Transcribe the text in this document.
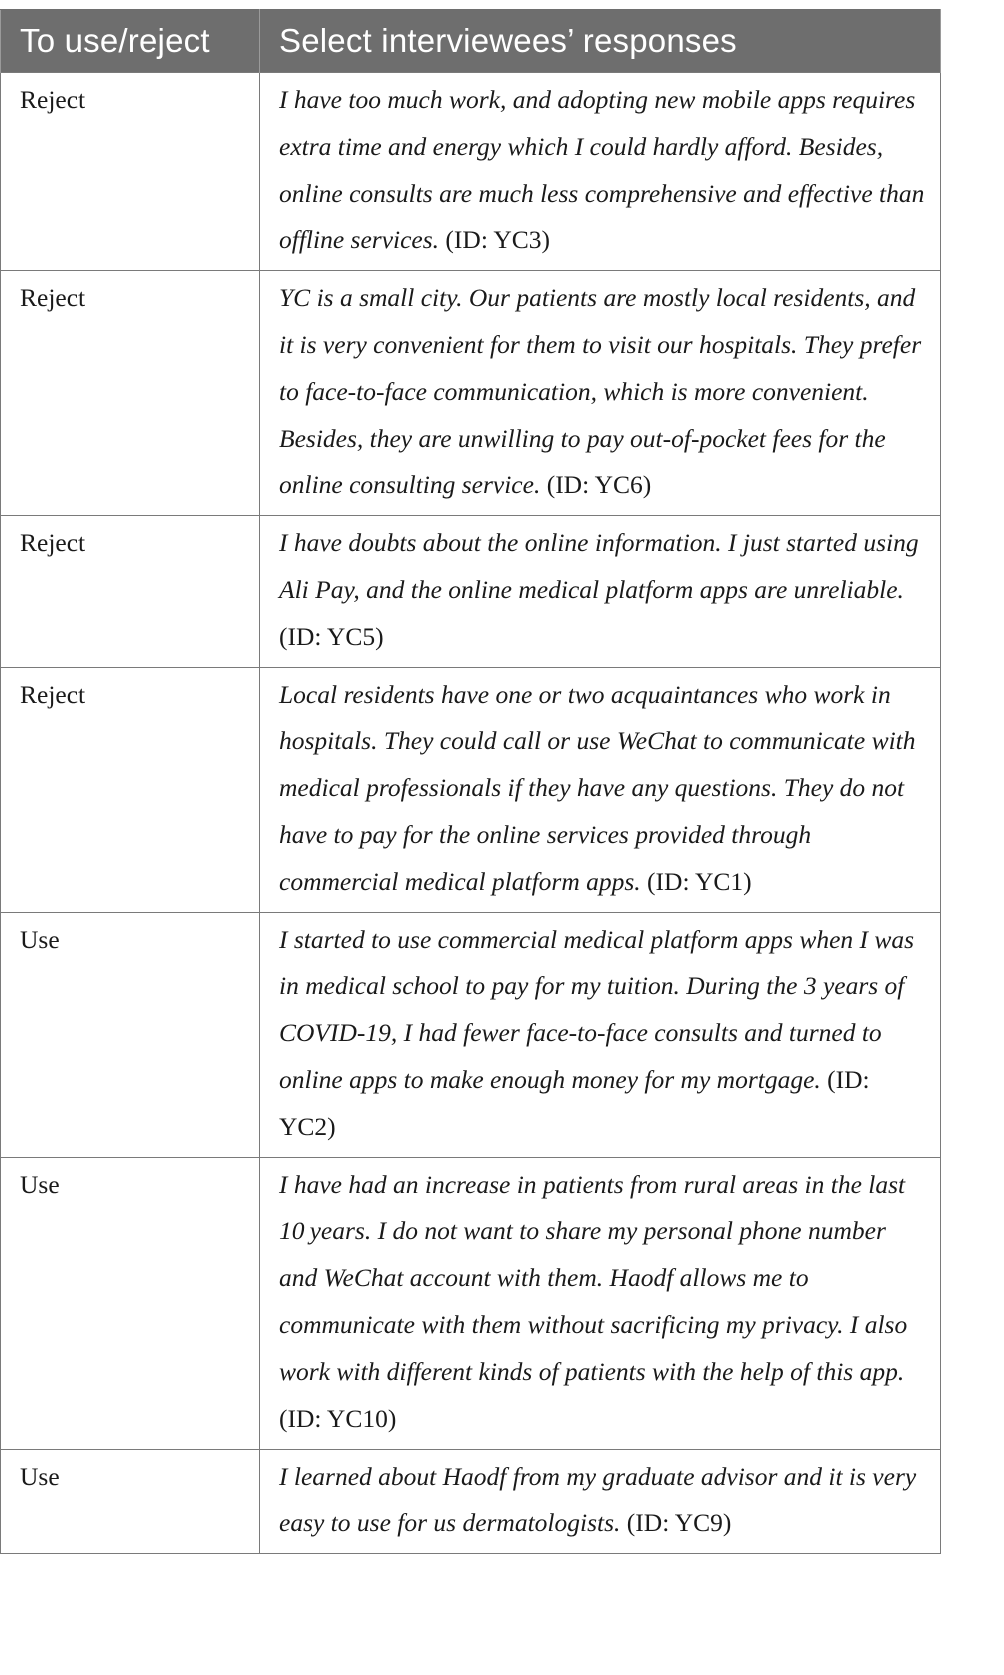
To use/reject	Select interviewees’ responses
Reject	I have too much work, and adopting new mobile apps requires extra time and energy which I could hardly afford. Besides, online consults are much less comprehensive and effective than offline services. (ID: YC3)
Reject	YC is a small city. Our patients are mostly local residents, and it is very convenient for them to visit our hospitals. They prefer to face-to-face communication, which is more convenient. Besides, they are unwilling to pay out-of-pocket fees for the online consulting service. (ID: YC6)
Reject	I have doubts about the online information. I just started using Ali Pay, and the online medical platform apps are unreliable. (ID: YC5)
Reject	Local residents have one or two acquaintances who work in hospitals. They could call or use WeChat to communicate with medical professionals if they have any questions. They do not have to pay for the online services provided through commercial medical platform apps. (ID: YC1)
Use	I started to use commercial medical platform apps when I was in medical school to pay for my tuition. During the 3 years of COVID-19, I had fewer face-to-face consults and turned to online apps to make enough money for my mortgage. (ID: YC2)
Use	I have had an increase in patients from rural areas in the last 10 years. I do not want to share my personal phone number and WeChat account with them. Haodf allows me to communicate with them without sacrificing my privacy. I also work with different kinds of patients with the help of this app. (ID: YC10)
Use	I learned about Haodf from my graduate advisor and it is very easy to use for us dermatologists. (ID: YC9)
